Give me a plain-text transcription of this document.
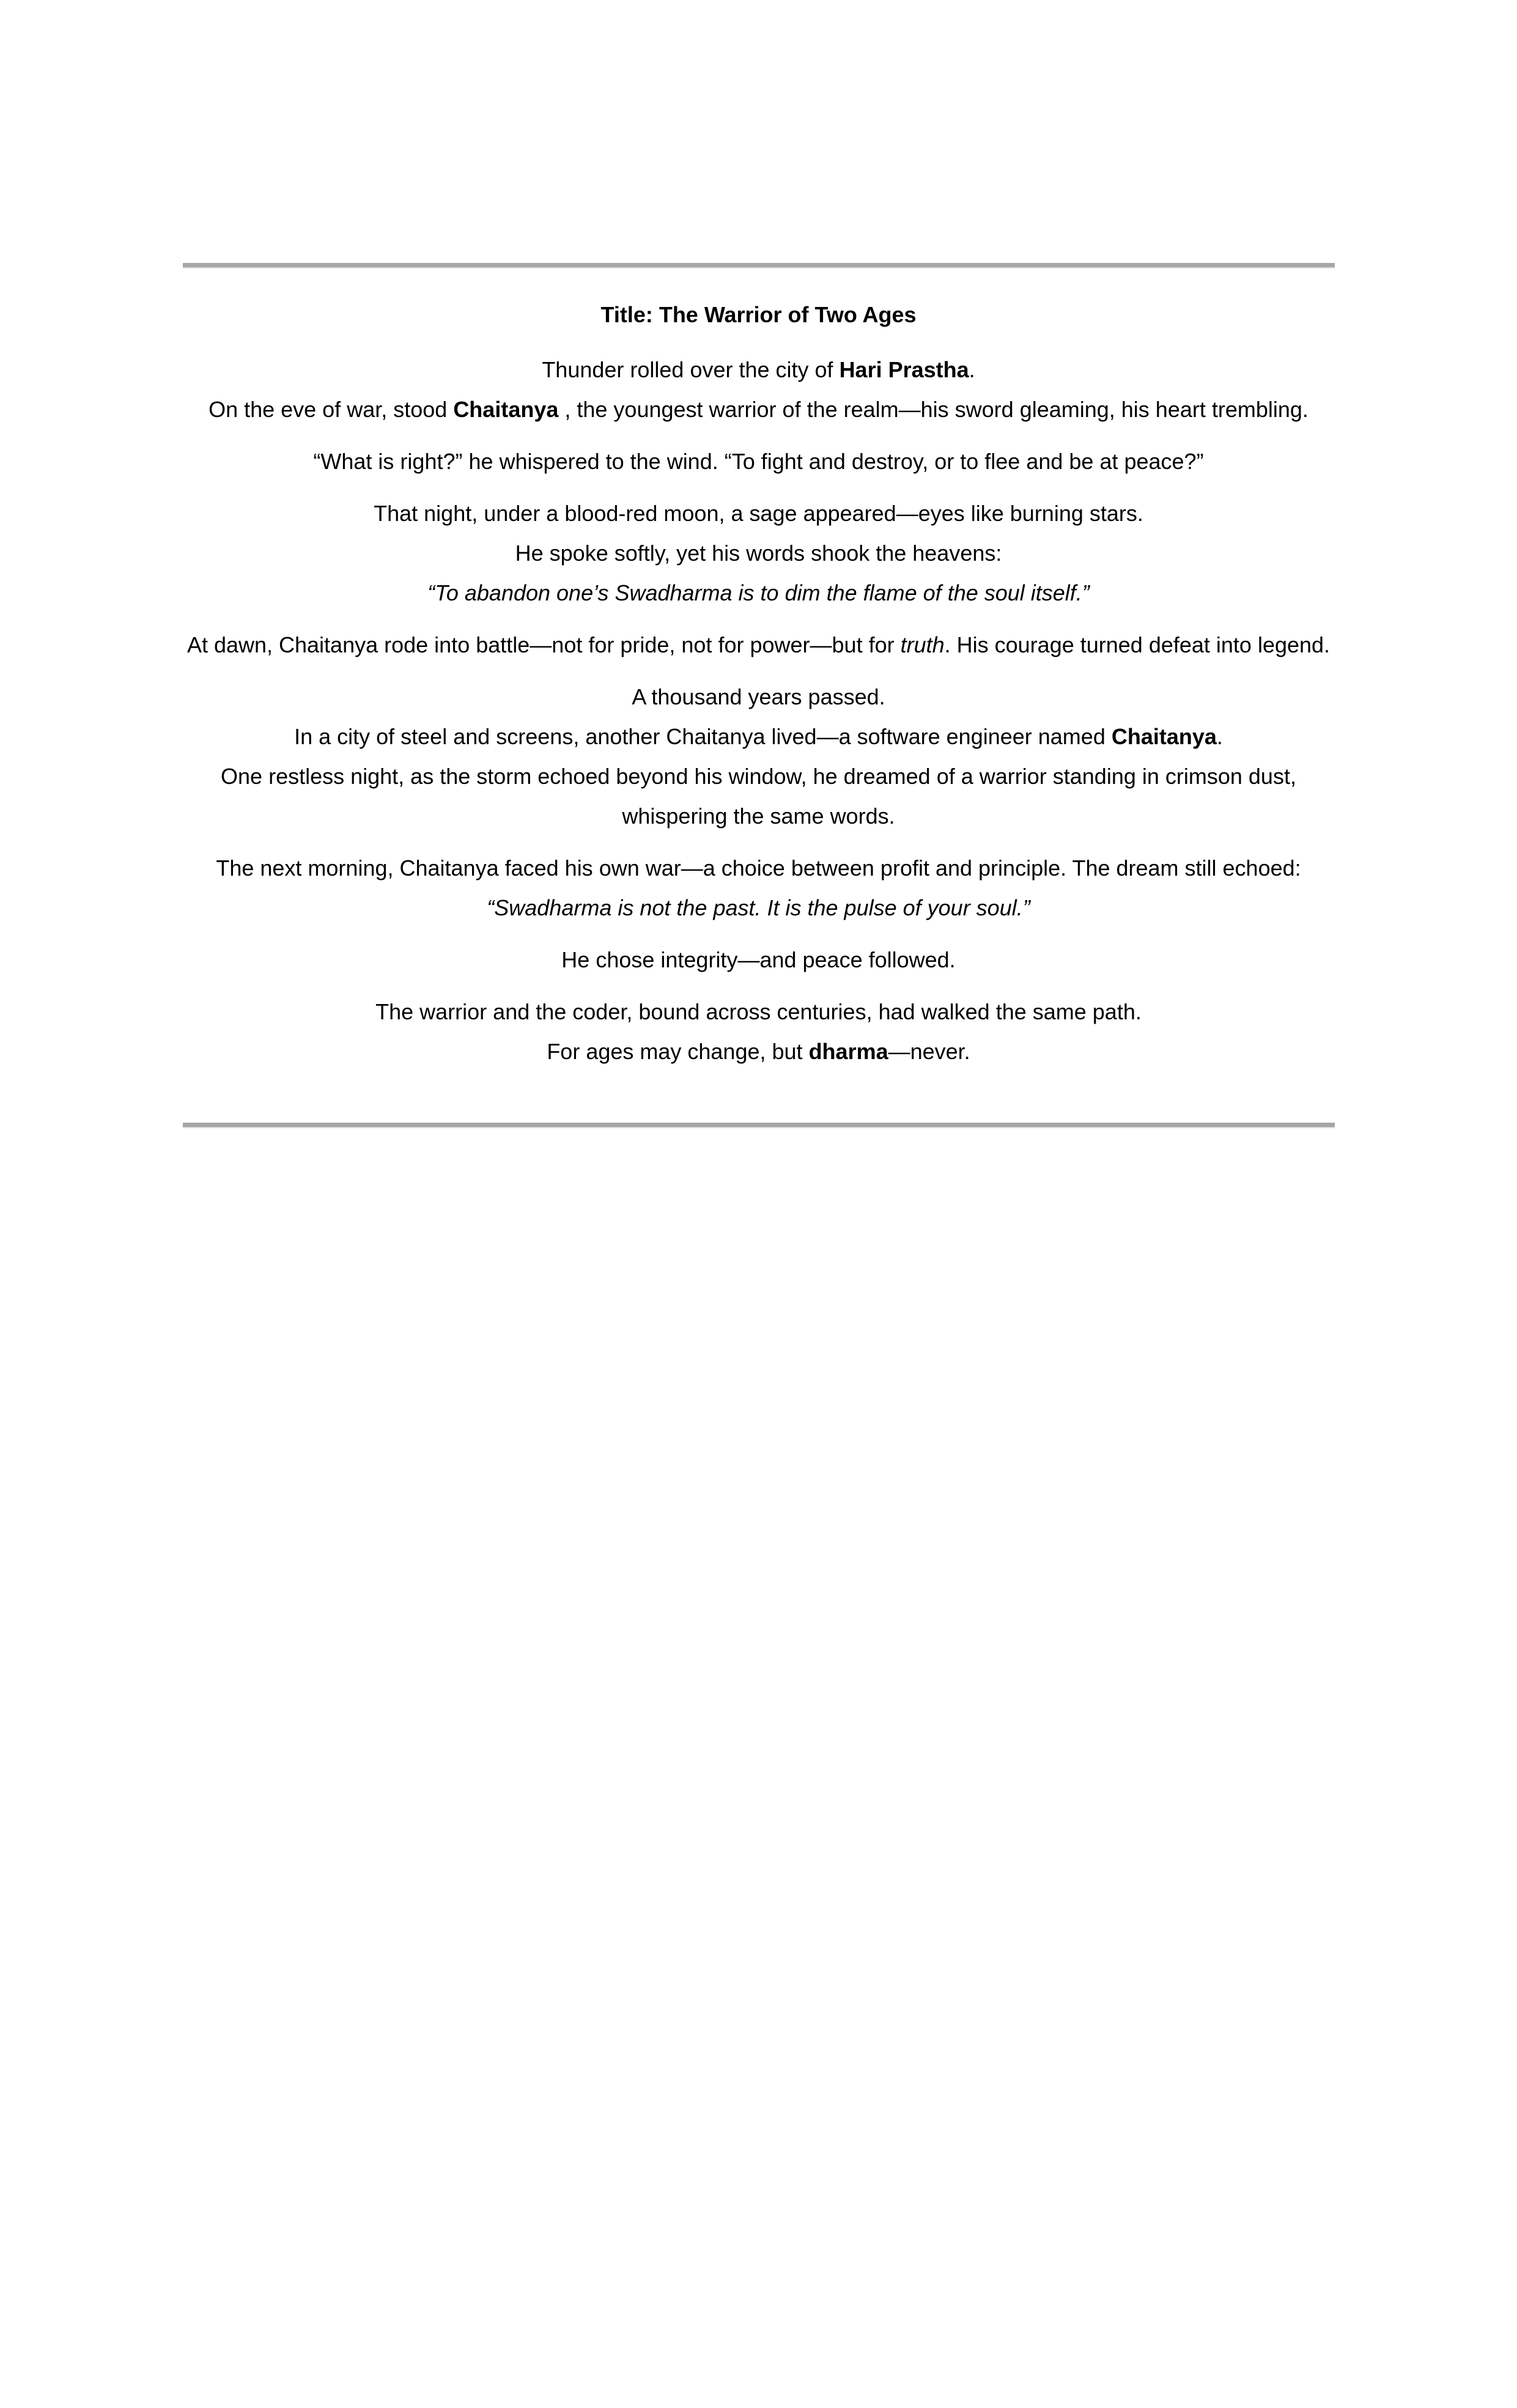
Title: The Warrior of Two Ages
Thunder rolled over the city of Hari Prastha.
On the eve of war, stood Chaitanya , the youngest warrior of the realm—his sword gleaming, his heart trembling.
“What is right?” he whispered to the wind. “To fight and destroy, or to flee and be at peace?”
That night, under a blood-red moon, a sage appeared—eyes like burning stars.
He spoke softly, yet his words shook the heavens:
“To abandon one’s Swadharma is to dim the flame of the soul itself.”
At dawn, Chaitanya rode into battle—not for pride, not for power—but for truth. His courage turned defeat into legend.
A thousand years passed.
In a city of steel and screens, another Chaitanya lived—a software engineer named Chaitanya.
One restless night, as the storm echoed beyond his window, he dreamed of a warrior standing in crimson dust, whispering the same words.
The next morning, Chaitanya faced his own war—a choice between profit and principle. The dream still echoed:
“Swadharma is not the past. It is the pulse of your soul.”
He chose integrity—and peace followed.
The warrior and the coder, bound across centuries, had walked the same path.
For ages may change, but dharma—never.
